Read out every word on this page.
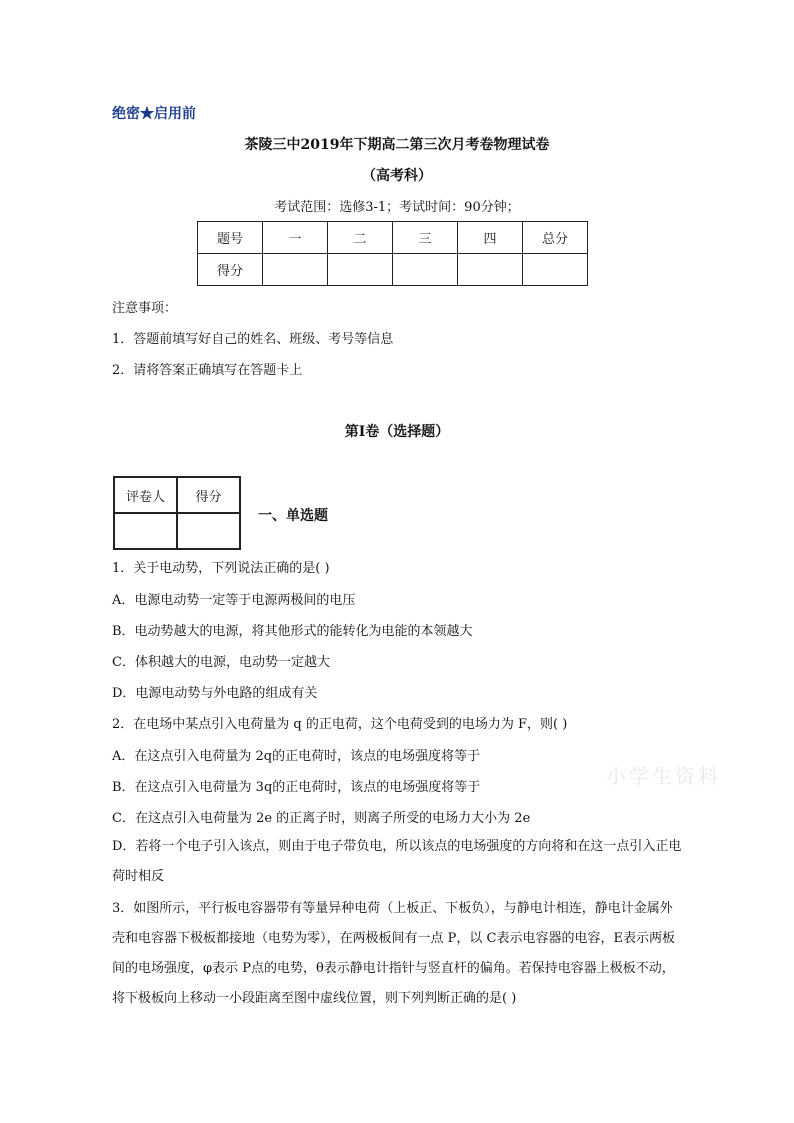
绝密★启用前
茶陵三中2019年下期高二第三次月考卷物理试卷
（高考科）
考试范围：选修3-1；考试时间：90分钟；
题号	一	二	三	四	总分
得分					
注意事项：
1．答题前填写好自己的姓名、班级、考号等信息
2．请将答案正确填写在答题卡上
第I卷（选择题）
评卷人	得分

一、单选题
1．关于电动势，下列说法正确的是( )
A．电源电动势一定等于电源两极间的电压
B．电动势越大的电源，将其他形式的能转化为电能的本领越大
C．体积越大的电源，电动势一定越大
D．电源电动势与外电路的组成有关
2．在电场中某点引入电荷量为 q 的正电荷，这个电荷受到的电场力为 F，则( )
A．在这点引入电荷量为 2q的正电荷时，该点的电场强度将等于
B．在这点引入电荷量为 3q的正电荷时，该点的电场强度将等于
C．在这点引入电荷量为 2e 的正离子时，则离子所受的电场力大小为 2e
D．若将一个电子引入该点，则由于电子带负电，所以该点的电场强度的方向将和在这一点引入正电荷时相反
3．如图所示，平行板电容器带有等量异种电荷（上板正、下板负），与静电计相连，静电计金属外壳和电容器下极板都接地（电势为零），在两极板间有一点 P，以 C表示电容器的电容，E表示两板间的电场强度，φ表示 P点的电势，θ表示静电计指针与竖直杆的偏角。若保持电容器上极板不动，将下极板向上移动一小段距离至图中虚线位置，则下列判断正确的是( )
小学生资料
